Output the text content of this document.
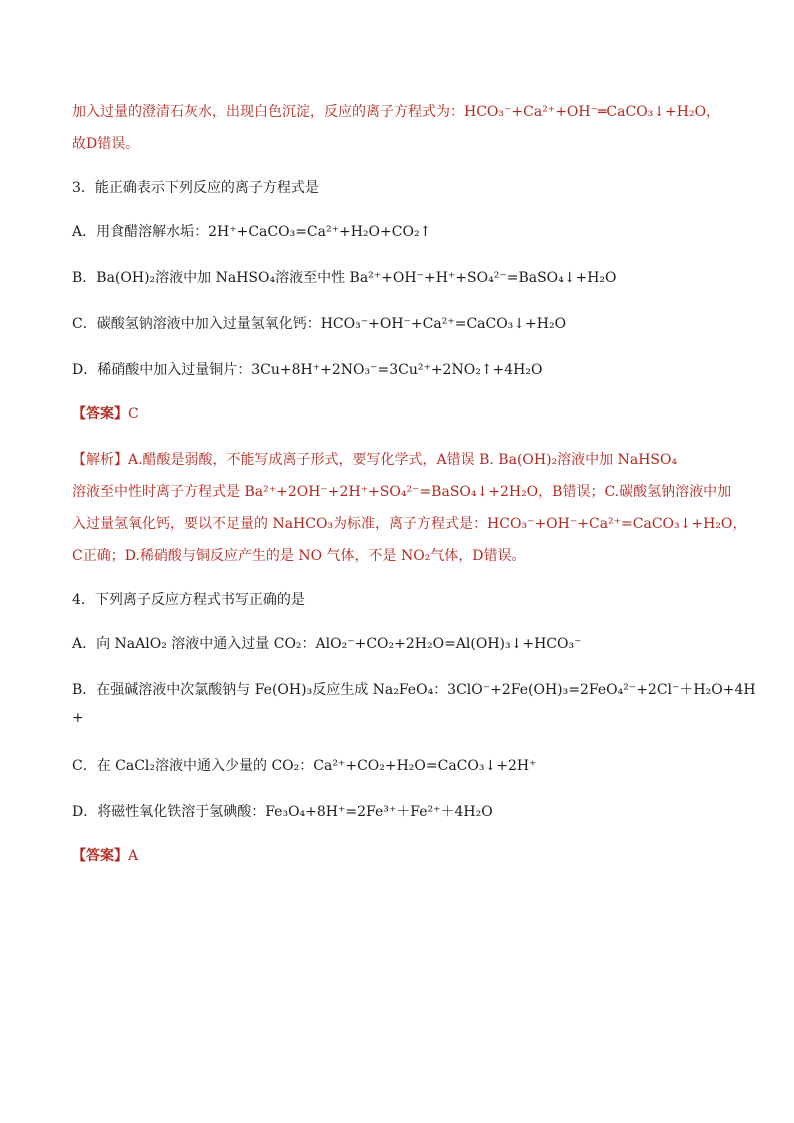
加入过量的澄清石灰水，出现白色沉淀，反应的离子方程式为：HCO₃⁻+Ca²⁺+OH⁻═CaCO₃↓+H₂O，
故D错误。
3．能正确表示下列反应的离子方程式是
A．用食醋溶解水垢：2H⁺+CaCO₃=Ca²⁺+H₂O+CO₂↑
B．Ba(OH)₂溶液中加 NaHSO₄溶液至中性 Ba²⁺+OH⁻+H⁺+SO₄²⁻=BaSO₄↓+H₂O
C．碳酸氢钠溶液中加入过量氢氧化钙：HCO₃⁻+OH⁻+Ca²⁺=CaCO₃↓+H₂O
D．稀硝酸中加入过量铜片：3Cu+8H⁺+2NO₃⁻=3Cu²⁺+2NO₂↑+4H₂O
【答案】C
【解析】A.醋酸是弱酸，不能写成离子形式，要写化学式，A错误 B. Ba(OH)₂溶液中加 NaHSO₄
溶液至中性时离子方程式是 Ba²⁺+2OH⁻+2H⁺+SO₄²⁻=BaSO₄↓+2H₂O，B错误；C.碳酸氢钠溶液中加
入过量氢氧化钙，要以不足量的 NaHCO₃为标准，离子方程式是：HCO₃⁻+OH⁻+Ca²⁺=CaCO₃↓+H₂O，
C正确；D.稀硝酸与铜反应产生的是 NO 气体，不是 NO₂气体，D错误。
4．下列离子反应方程式书写正确的是
A．向 NaAlO₂ 溶液中通入过量 CO₂：AlO₂⁻+CO₂+2H₂O=Al(OH)₃↓+HCO₃⁻
B．在强碱溶液中次氯酸钠与 Fe(OH)₃反应生成 Na₂FeO₄：3ClO⁻+2Fe(OH)₃=2FeO₄²⁻+2Cl⁻＋H₂O+4H
+
C．在 CaCl₂溶液中通入少量的 CO₂：Ca²⁺+CO₂+H₂O=CaCO₃↓+2H⁺
D．将磁性氧化铁溶于氢碘酸：Fe₃O₄+8H⁺=2Fe³⁺＋Fe²⁺＋4H₂O
【答案】A
